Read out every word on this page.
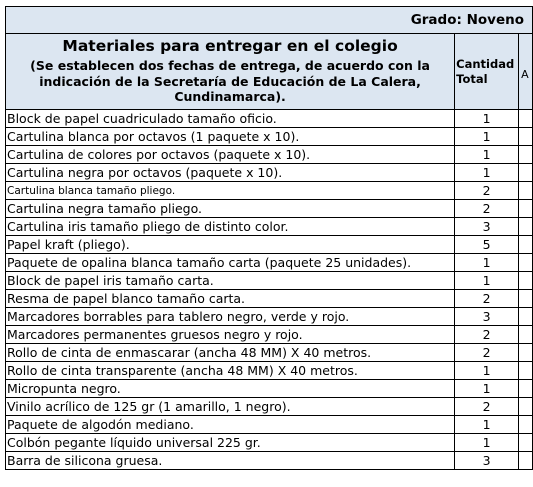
Grado: Noveno		

Materiales para entregar en el colegio
(Se establecen dos fechas de entrega, de acuerdo con la indicación de la Secretaría de Educación de La Calera, Cundinamarca).	Cantidad Total	A

Block de papel cuadriculado tamaño oficio.	1	
Cartulina blanca por octavos (1 paquete x 10).	1	
Cartulina de colores por octavos (paquete x 10).	1	
Cartulina negra por octavos (paquete x 10).	1	
Cartulina blanca tamaño pliego.	2	
Cartulina negra tamaño pliego.	2	
Cartulina iris tamaño pliego de distinto color.	3	
Papel kraft (pliego).	5	
Paquete de opalina blanca tamaño carta (paquete 25 unidades).	1	
Block de papel iris tamaño carta.	1	
Resma de papel blanco tamaño carta.	2	
Marcadores borrables para tablero negro, verde y rojo.	3	
Marcadores permanentes gruesos negro y rojo.	2	
Rollo de cinta de enmascarar (ancha 48 MM) X 40 metros.	2	
Rollo de cinta transparente (ancha 48 MM) X 40 metros.	1	
Micropunta negro.	1	
Vinilo acrílico de 125 gr (1 amarillo, 1 negro).	2	
Paquete de algodón mediano.	1	
Colbón pegante líquido universal 225 gr.	1	
Barra de silicona gruesa.	3	
